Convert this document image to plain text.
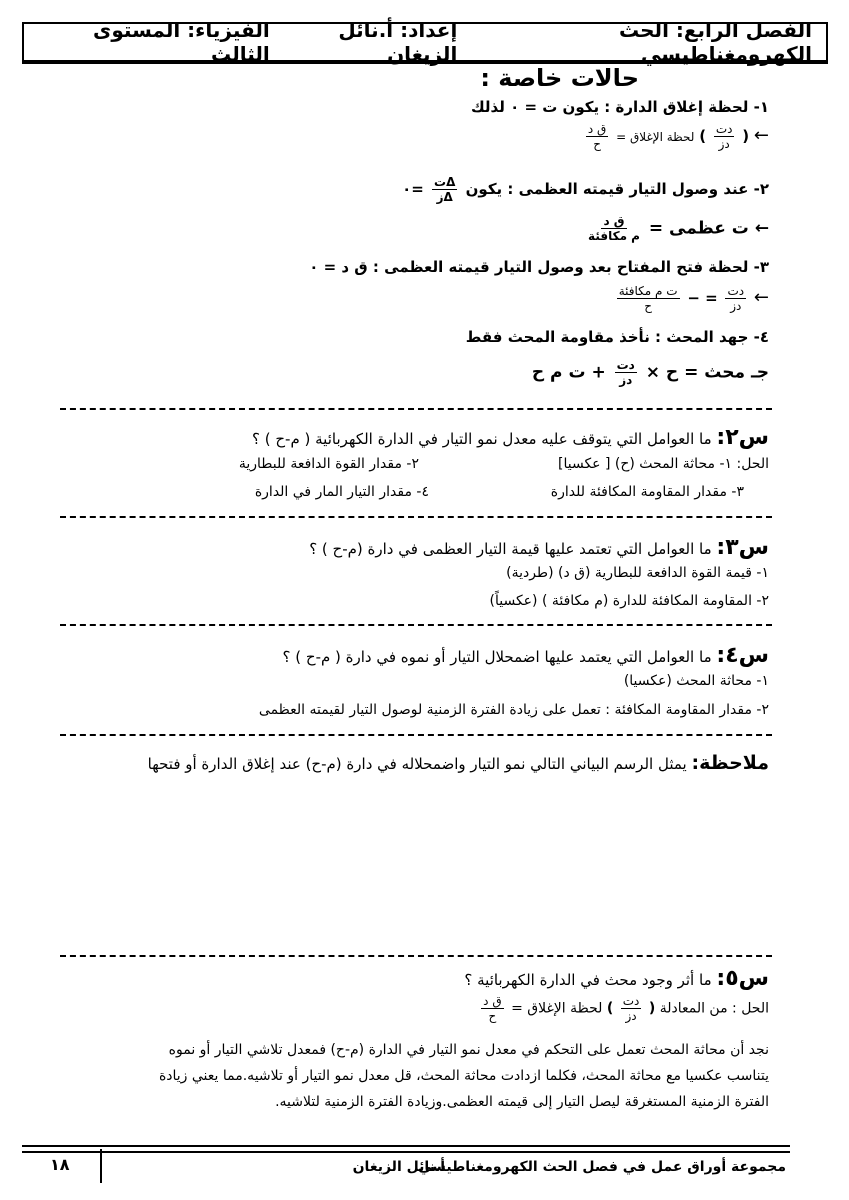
الفصل الرابع: الحث الكهرومغناطيسي
إعداد: أ.نائل الزيغان
الفيزياء: المستوى الثالث
حالات خاصة :
١- لحظة إغلاق الدارة : يكون ت = ٠ لذلك
← (
$\frac{\text{دت}}{\text{دز}}$
) لحظة الإغلاق =
$\frac{\text{ق د}}{\text{ح}}$
٢- عند وصول التيار قيمته العظمى : يكون
$\frac{\text{Δت}}{\text{Δز}}$
=٠
← ت عظمى =
$\frac{\text{ق د}}{\text{م مكافئة}}$
٣- لحظة فتح المفتاح بعد وصول التيار قيمته العظمى : ق د = ٠
←
$\frac{\text{دت}}{\text{دز}}$
= −
$\frac{\text{ت م مكافئة}}{\text{ح}}$
٤- جهد المحث : نأخذ مقاومة المحث فقط
جـ محث = ح ×
$\frac{\text{دت}}{\text{دز}}$
+ ت م ح
س٢: ما العوامل التي يتوقف عليه معدل نمو التيار في الدارة الكهربائية ( م-ح ) ؟
الحل: ١- محاثة المحث (ح) [ عكسيا]
٢- مقدار القوة الدافعة للبطارية
٣- مقدار المقاومة المكافئة للدارة
٤- مقدار التيار المار في الدارة
س٣: ما العوامل التي تعتمد عليها قيمة التيار العظمى في دارة (م-ح ) ؟
١- قيمة القوة الدافعة للبطارية (ق د) (طردية)
٢- المقاومة المكافئة للدارة (م مكافئة ) (عكسياً)
س٤: ما العوامل التي يعتمد عليها اضمحلال التيار أو نموه في دارة ( م-ح ) ؟
١- محاثة المحث (عكسيا)
٢- مقدار المقاومة المكافئة : تعمل على زيادة الفترة الزمنية لوصول التيار لقيمته العظمى
ملاحظة: يمثل الرسم البياني التالي نمو التيار واضمحلاله في دارة (م-ح) عند إغلاق الدارة أو فتحها
س٥: ما أثر وجود محث في الدارة الكهربائية ؟
الحل : من المعادلة (
$\frac{\text{دت}}{\text{دز}}$
) لحظة الإغلاق =
$\frac{\text{ق د}}{\text{ح}}$
نجد أن محاثة المحث تعمل على التحكم في معدل نمو التيار في الدارة (م-ح) فمعدل تلاشي التيار أو نموه
يتناسب عكسيا مع محاثة المحث، فكلما ازدادت محاثة المحث، قل معدل نمو التيار أو تلاشيه.مما يعني زيادة
الفترة الزمنية المستغرقة ليصل التيار إلى قيمته العظمى.وزيادة الفترة الزمنية لتلاشيه.
مجموعة أوراق عمل في فصل الحث الكهرومغناطيسي
أ.نائل الزيغان
١٨
